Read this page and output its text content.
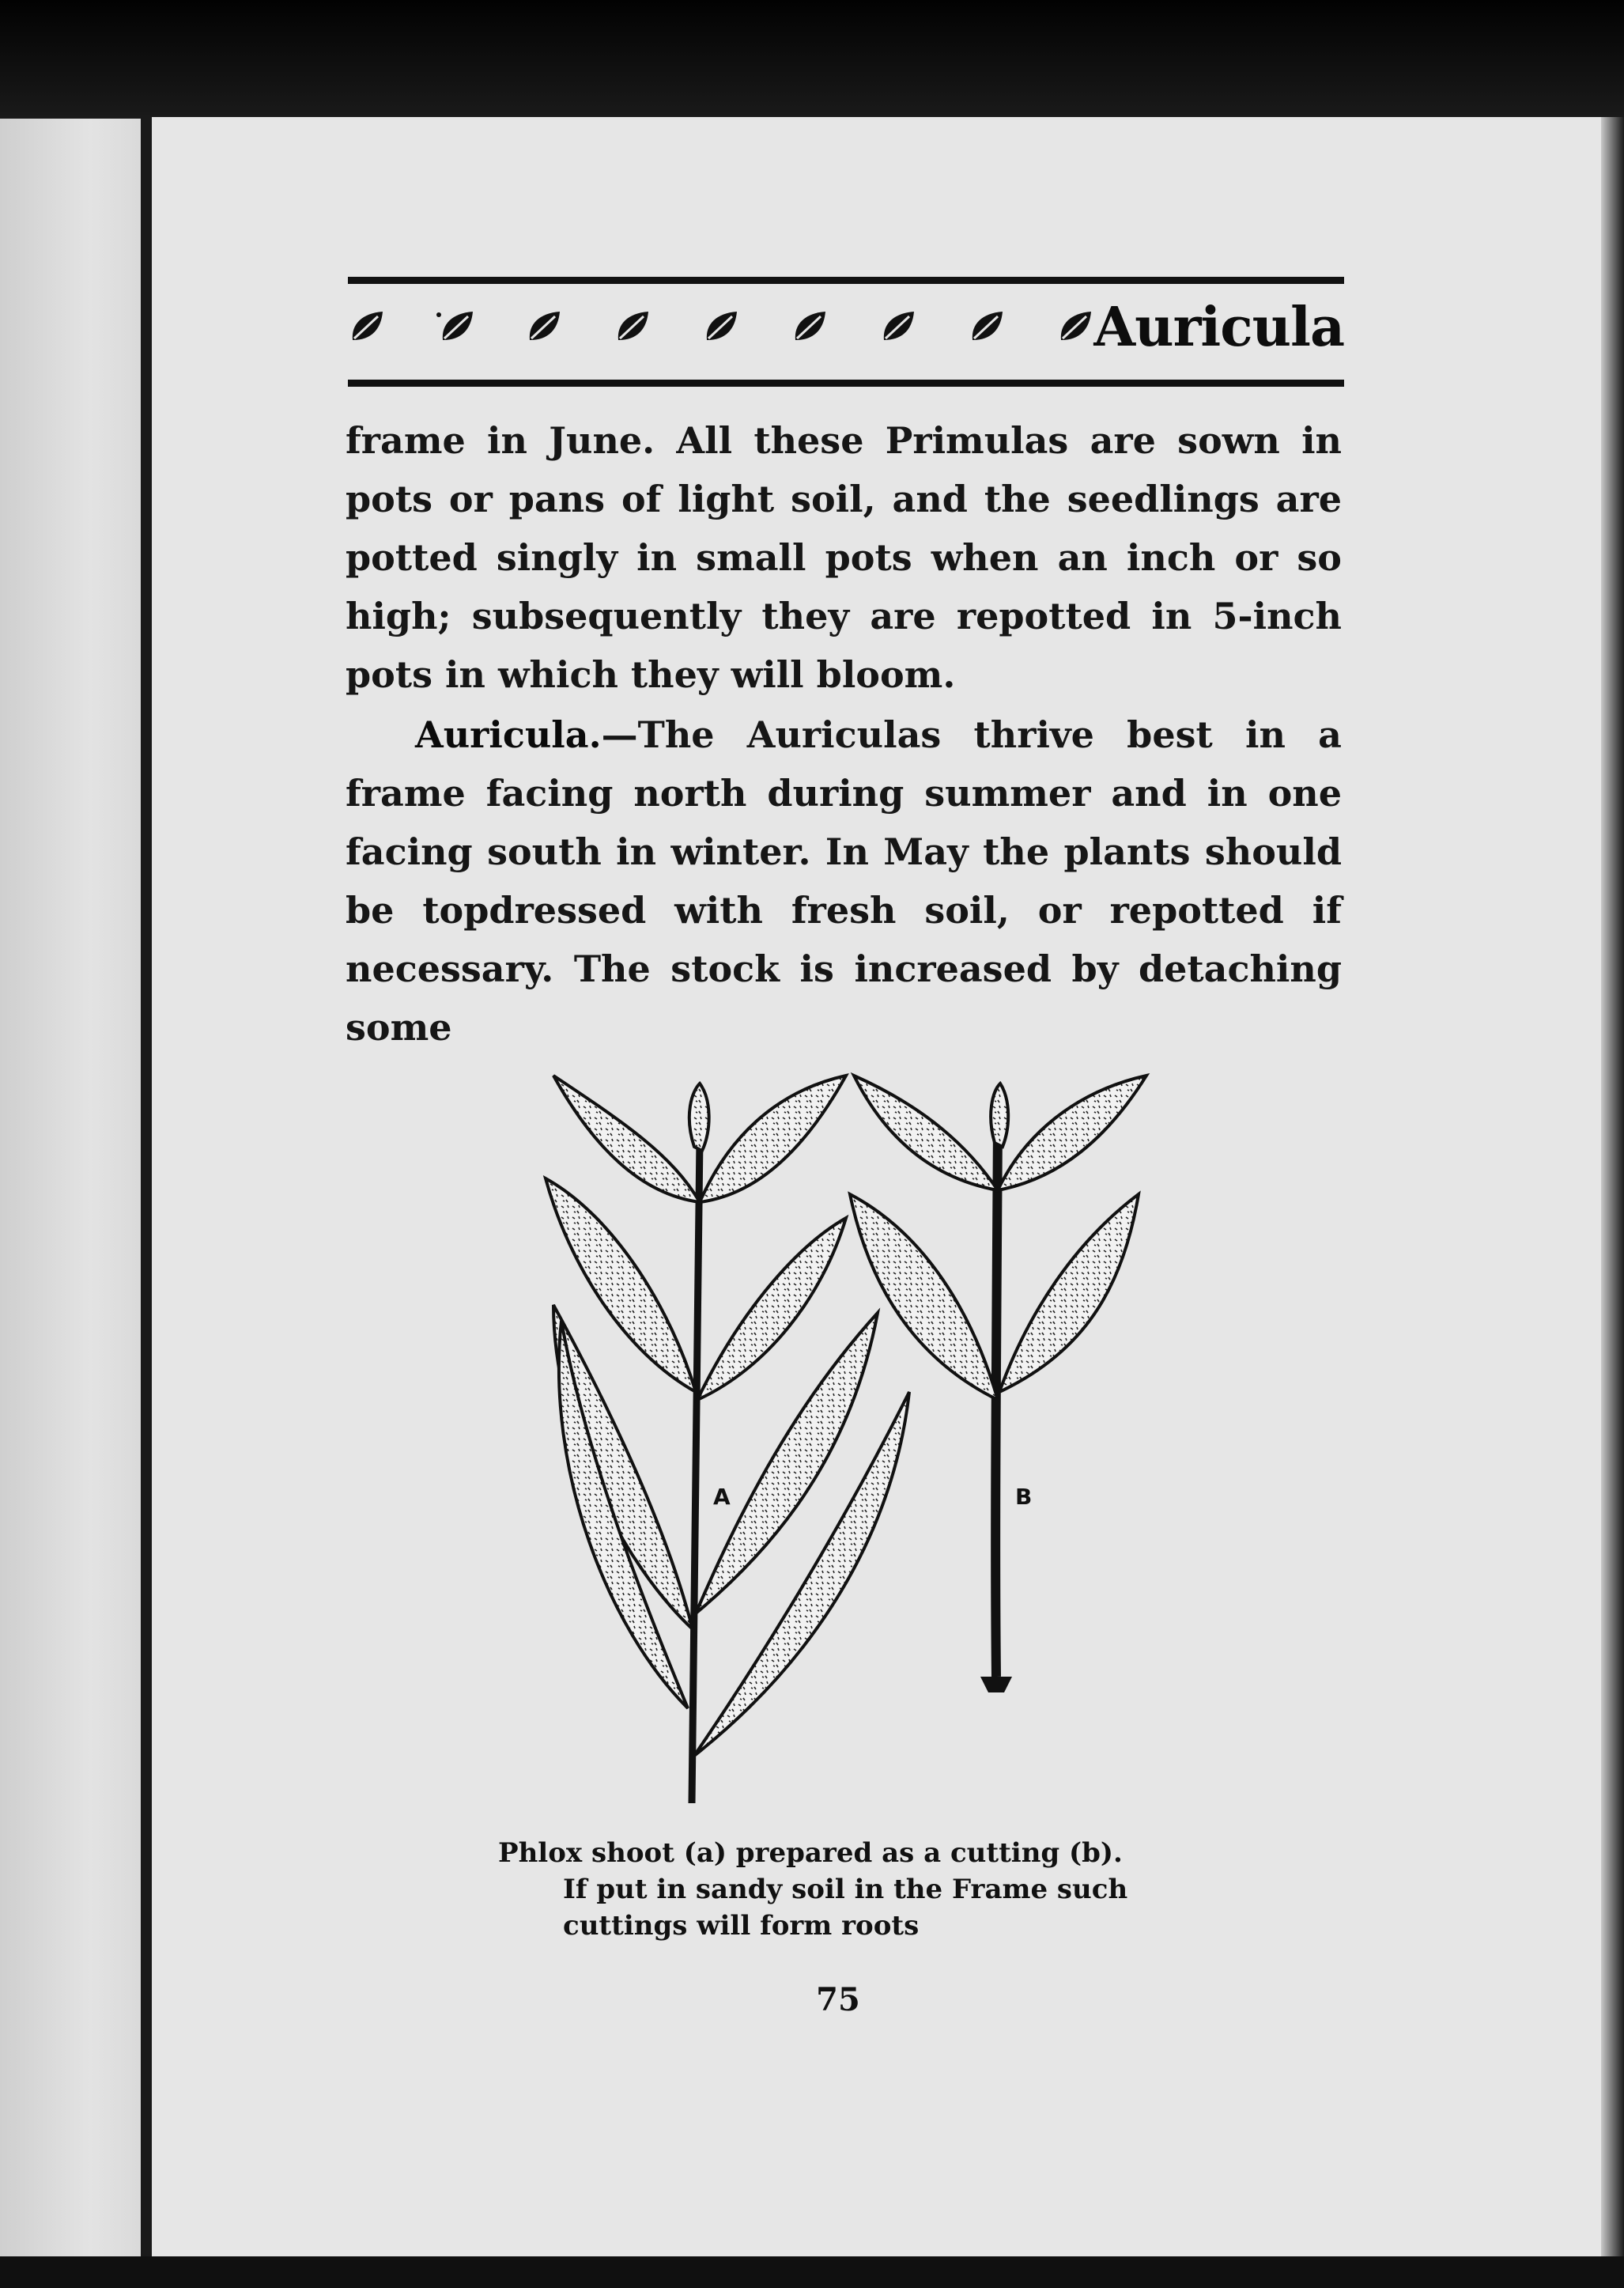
Auricula

frame in June. All these Primulas are sown in pots or pans of light soil, and the seedlings are potted singly in small pots when an inch or so high; subsequently they are repotted in 5-inch pots in which they will bloom.

Auricula.—The Auriculas thrive best in a frame facing north during summer and in one facing south in winter. In May the plants should be topdressed with fresh soil, or repotted if necessary. The stock is increased by detaching some

A	B
Phlox shoot (a) prepared as a cutting (b).
If put in sandy soil in the Frame such
cuttings will form roots
75
